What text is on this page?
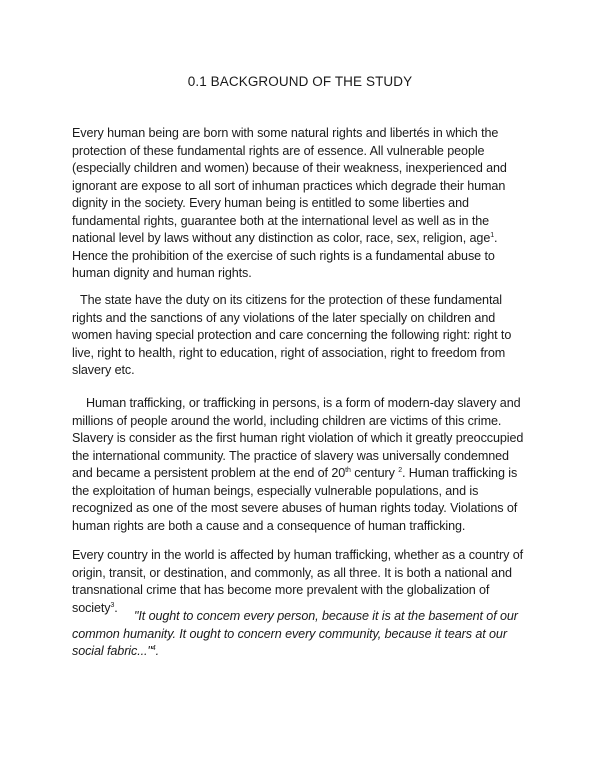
0.1 BACKGROUND OF THE STUDY

Every human being are born with some natural rights and libertés in which the protection of these fundamental rights are of essence. All vulnerable people (especially children and women) because of their weakness, inexperienced and ignorant are expose to all sort of inhuman practices which degrade their human dignity in the society. Every human being is entitled to some liberties and fundamental rights, guarantee both at the international level as well as in the national level by laws without any distinction as color, race, sex, religion, age$^1$. Hence the prohibition of the exercise of such rights is a fundamental abuse to human dignity and human rights.

The state have the duty on its citizens for the protection of these fundamental rights and the sanctions of any violations of the later specially on children and women having special protection and care concerning the following right: right to live, right to health, right to education, right of association, right to freedom from slavery etc.

Human trafficking, or trafficking in persons, is a form of modern-day slavery and millions of people around the world, including children are victims of this crime. Slavery is consider as the first human right violation of which it greatly preoccupied the international community. The practice of slavery was universally condemned and became a persistent problem at the end of 20th century $^2$. Human trafficking is the exploitation of human beings, especially vulnerable populations, and is recognized as one of the most severe abuses of human rights today. Violations of human rights are both a cause and a consequence of human trafficking.

Every country in the world is affected by human trafficking, whether as a country of origin, transit, or destination, and commonly, as all three. It is both a national and transnational crime that has become more prevalent with the globalization of society$^3$.

"It ought to concem every person, because it is at the basement of our common humanity. It ought to concern every community, because it tears at our social fabric..."$^4$.
